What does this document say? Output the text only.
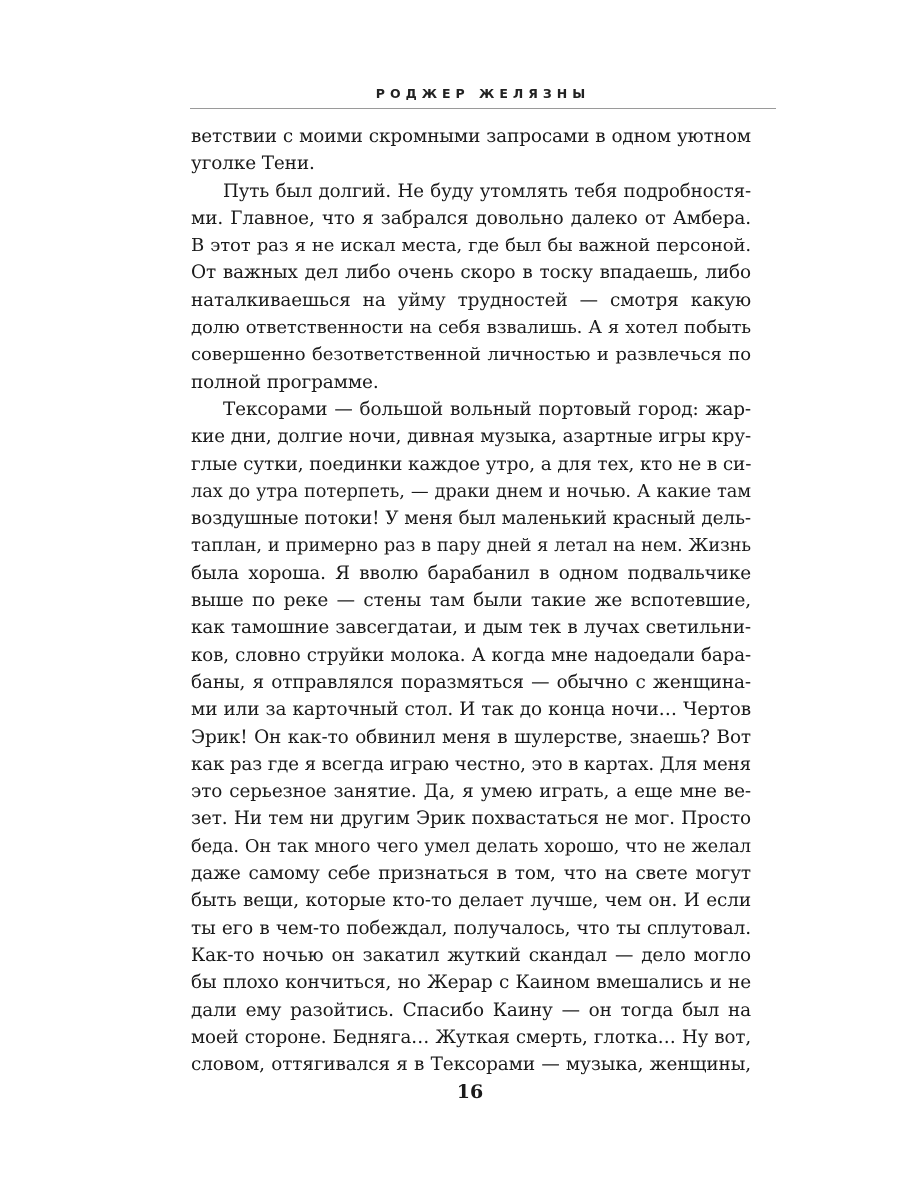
РОДЖЕР ЖЕЛЯЗНЫ
ветствии с моими скромными запросами в одном уютном
уголке Тени.
Путь был долгий. Не буду утомлять тебя подробностя-
ми. Главное, что я забрался довольно далеко от Амбера.
В этот раз я не искал места, где был бы важной персоной.
От важных дел либо очень скоро в тоску впадаешь, либо
наталкиваешься на уйму трудностей — смотря какую
долю ответственности на себя взвалишь. А я хотел побыть
совершенно безответственной личностью и развлечься по
полной программе.
Тексорами — большой вольный портовый город: жар-
кие дни, долгие ночи, дивная музыка, азартные игры кру-
глые сутки, поединки каждое утро, а для тех, кто не в си-
лах до утра потерпеть, — драки днем и ночью. А какие там
воздушные потоки! У меня был маленький красный дель-
таплан, и примерно раз в пару дней я летал на нем. Жизнь
была хороша. Я вволю барабанил в одном подвальчике
выше по реке — стены там были такие же вспотевшие,
как тамошние завсегдатаи, и дым тек в лучах светильни-
ков, словно струйки молока. А когда мне надоедали бара-
баны, я отправлялся поразмяться — обычно с женщина-
ми или за карточный стол. И так до конца ночи… Чертов
Эрик! Он как-то обвинил меня в шулерстве, знаешь? Вот
как раз где я всегда играю честно, это в картах. Для меня
это серьезное занятие. Да, я умею играть, а еще мне ве-
зет. Ни тем ни другим Эрик похвастаться не мог. Просто
беда. Он так много чего умел делать хорошо, что не желал
даже самому себе признаться в том, что на свете могут
быть вещи, которые кто-то делает лучше, чем он. И если
ты его в чем-то побеждал, получалось, что ты сплутовал.
Как-то ночью он закатил жуткий скандал — дело могло
бы плохо кончиться, но Жерар с Каином вмешались и не
дали ему разойтись. Спасибо Каину — он тогда был на
моей стороне. Бедняга… Жуткая смерть, глотка… Ну вот,
словом, оттягивался я в Тексорами — музыка, женщины,
16
